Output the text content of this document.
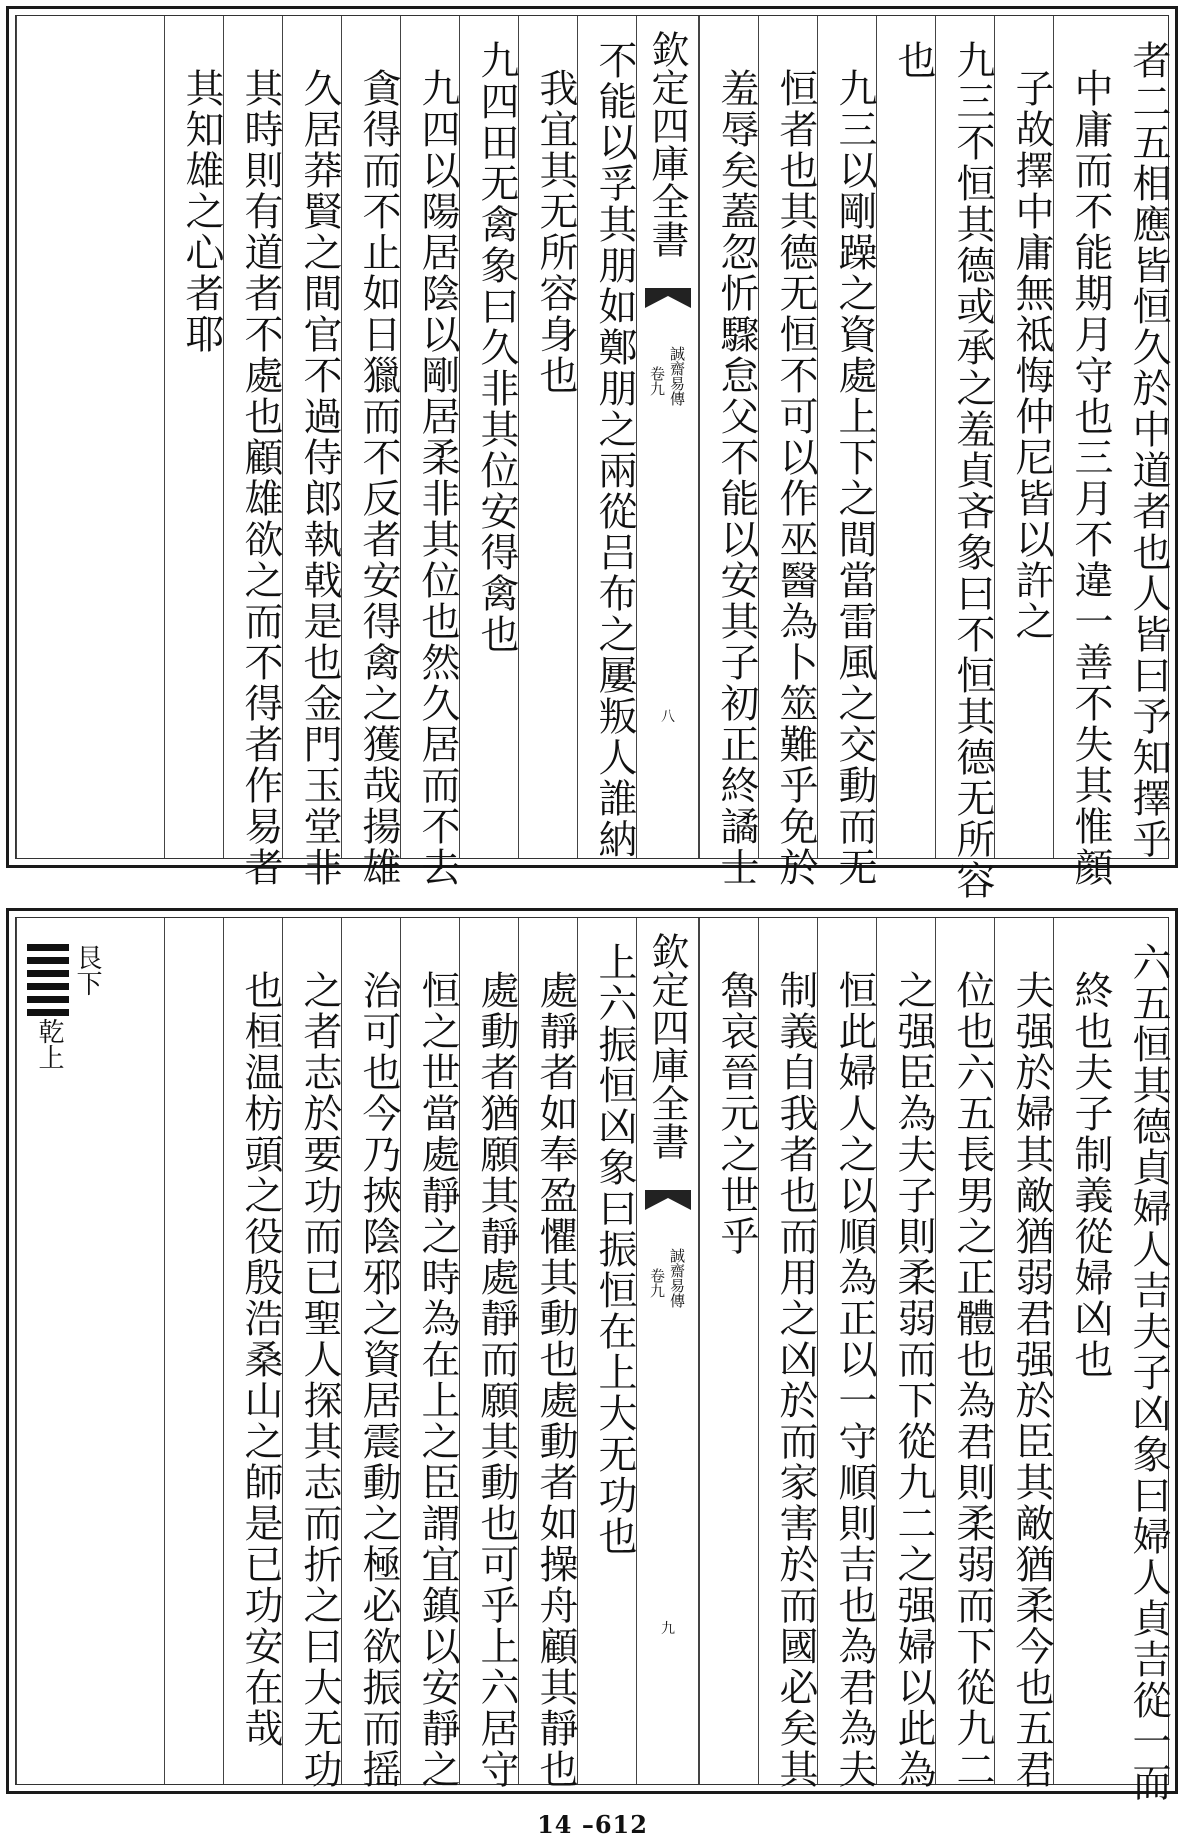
者二五相應皆恒久於中道者也人皆曰予知擇乎
中庸而不能期月守也三月不違一善不失其惟顔
子故擇中庸無祗悔仲尼皆以許之
九三不恒其德或承之羞貞吝象曰不恒其德无所容
也
九三以剛躁之資處上下之間當雷風之交動而无
恒者也其德无恒不可以作巫醫為卜筮難乎免於
羞辱矣蓋忽忻驟怠父不能以安其子初正終譎士
欽定四庫全書
誠齋易傳
卷九
八
不能以孚其朋如鄭朋之兩從吕布之屢叛人誰納
我宜其无所容身也
九四田无禽象曰久非其位安得禽也
九四以陽居陰以剛居柔非其位也然久居而不去
貪得而不止如日獵而不反者安得禽之獲哉揚雄
久居莽賢之間官不過侍郎執戟是也金門玉堂非
其時則有道者不處也顧雄欲之而不得者作易者
其知雄之心者耶
六五恒其德貞婦人吉夫子凶象曰婦人貞吉從一而
終也夫子制義從婦凶也
夫强於婦其敵猶弱君强於臣其敵猶柔今也五君
位也六五長男之正體也為君則柔弱而下從九二
之强臣為夫子則柔弱而下從九二之强婦以此為
恒此婦人之以順為正以一守順則吉也為君為夫
制義自我者也而用之凶於而家害於而國必矣其
魯哀晉元之世乎
欽定四庫全書
誠齋易傳
卷九
九
上六振恒凶象曰振恒在上大无功也
處靜者如奉盈懼其動也處動者如操舟顧其靜也
處動者猶願其靜處靜而願其動也可乎上六居守
恒之世當處靜之時為在上之臣謂宜鎮以安靜之
治可也今乃挾陰邪之資居震動之極必欲振而摇
之者志於要功而已聖人探其志而折之曰大无功
也桓温枋頭之役殷浩桑山之師是已功安在哉
艮下
乾上
14 –612
